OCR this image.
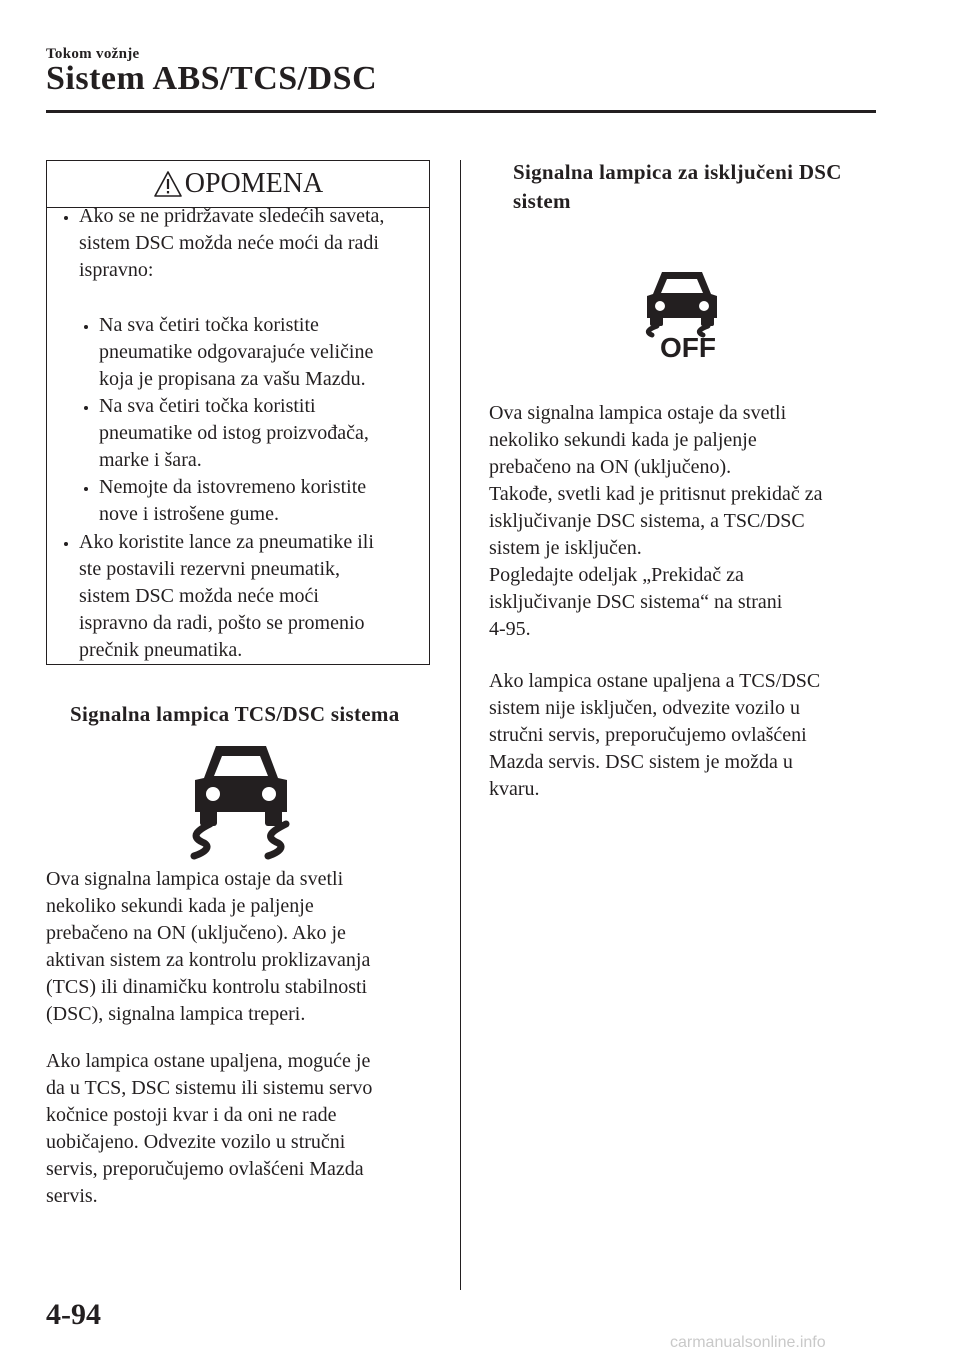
Tokom vožnje
Sistem ABS/TCS/DSC
OPOMENA
Ako se ne pridržavate sledećih saveta,
sistem DSC možda neće moći da radi
ispravno:
Na sva četiri točka koristite
pneumatike odgovarajuće veličine
koja je propisana za vašu Mazdu.
Na sva četiri točka koristiti
pneumatike od istog proizvođača,
marke i šara.
Nemojte da istovremeno koristite
nove i istrošene gume.
Ako koristite lance za pneumatike ili
ste postavili rezervni pneumatik,
sistem DSC možda neće moći
ispravno da radi, pošto se promenio
prečnik pneumatika.
Signalna lampica TCS/DSC sistema
Ova signalna lampica ostaje da svetli
nekoliko sekundi kada je paljenje
prebačeno na ON (uključeno). Ako je
aktivan sistem za kontrolu proklizavanja
(TCS) ili dinamičku kontrolu stabilnosti
(DSC), signalna lampica treperi.
Ako lampica ostane upaljena, moguće je
da u TCS, DSC sistemu ili sistemu servo
kočnice postoji kvar i da oni ne rade
uobičajeno. Odvezite vozilo u stručni
servis, preporučujemo ovlašćeni Mazda
servis.
Signalna lampica za isključeni DSC
sistem
OFF
Ova signalna lampica ostaje da svetli
nekoliko sekundi kada je paljenje
prebačeno na ON (uključeno).
Takođe, svetli kad je pritisnut prekidač za
isključivanje DSC sistema, a TSC/DSC
sistem je isključen.
Pogledajte odeljak „Prekidač za
isključivanje DSC sistema“ na strani
4-95.
Ako lampica ostane upaljena a TCS/DSC
sistem nije isključen, odvezite vozilo u
stručni servis, preporučujemo ovlašćeni
Mazda servis. DSC sistem je možda u
kvaru.
4-94
carmanualsonline.info
